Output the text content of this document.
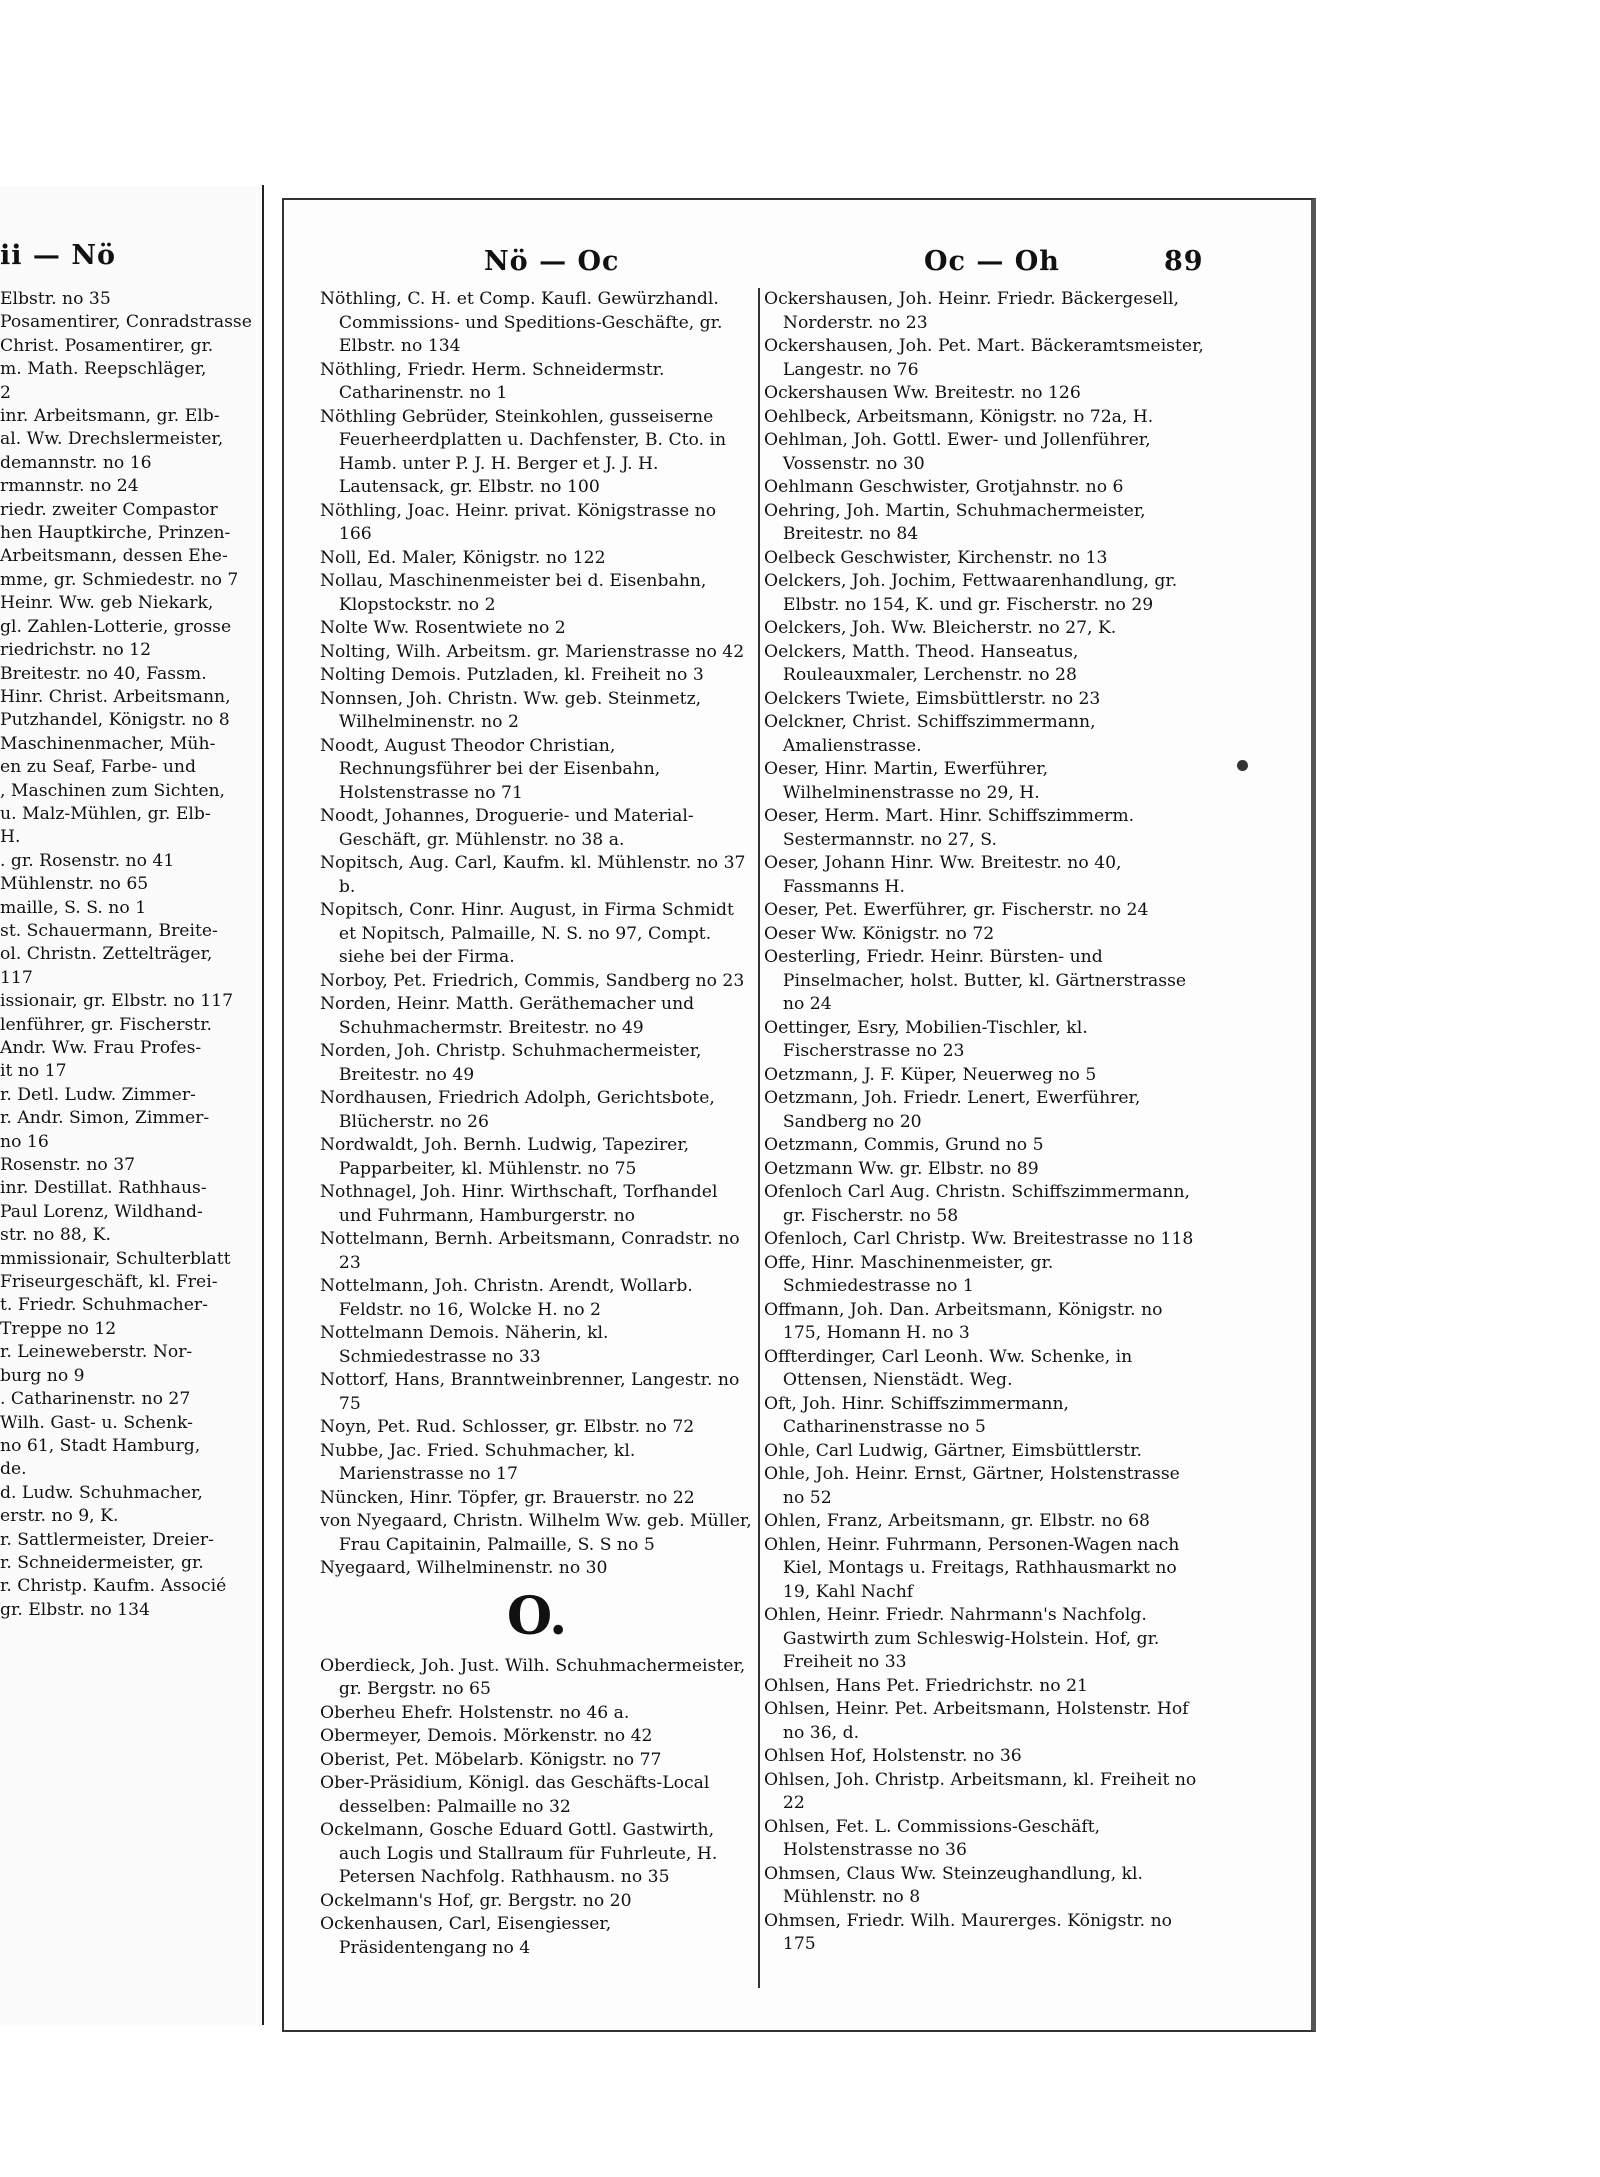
ii — Nö
Elbstr. no 35
Posamentirer, Conradstrasse
Christ. Posamentirer, gr.
m. Math. Reepschläger,
2
inr. Arbeitsmann, gr. Elb-
al. Ww. Drechslermeister,
demannstr. no 16
rmannstr. no 24
riedr. zweiter Compastor
hen Hauptkirche, Prinzen-
Arbeitsmann, dessen Ehe-
mme, gr. Schmiedestr. no 7
Heinr. Ww. geb Niekark,
gl. Zahlen-Lotterie, grosse
riedrichstr. no 12
Breitestr. no 40, Fassm.
Hinr. Christ. Arbeitsmann,
Putzhandel, Königstr. no 8
Maschinenmacher, Müh-
en zu Seaf, Farbe- und
, Maschinen zum Sichten,
u. Malz-Mühlen, gr. Elb-
H.
. gr. Rosenstr. no 41
Mühlenstr. no 65
maille, S. S. no 1
st. Schauermann, Breite-
ol. Christn. Zettelträger,
117
issionair, gr. Elbstr. no 117
lenführer, gr. Fischerstr.
Andr. Ww. Frau Profes-
it no 17
r. Detl. Ludw. Zimmer-
r. Andr. Simon, Zimmer-
no 16
Rosenstr. no 37
inr. Destillat. Rathhaus-
Paul Lorenz, Wildhand-
str. no 88, K.
mmissionair, Schulterblatt
Friseurgeschäft, kl. Frei-
t. Friedr. Schuhmacher-
Treppe no 12
r. Leineweberstr. Nor-
burg no 9
. Catharinenstr. no 27
Wilh. Gast- u. Schenk-
no 61, Stadt Hamburg,
de.
d. Ludw. Schuhmacher,
erstr. no 9, K.
r. Sattlermeister, Dreier-
r. Schneidermeister, gr.
r. Christp. Kaufm. Associé
gr. Elbstr. no 134
Nö — Oc	Oc — Oh	89
Nöthling, C. H. et Comp. Kaufl. Gewürzhandl. Commissions- und Speditions-Geschäfte, gr. Elbstr. no 134
Nöthling, Friedr. Herm. Schneidermstr. Catharinenstr. no 1
Nöthling Gebrüder, Steinkohlen, gusseiserne Feuerheerdplatten u. Dachfenster, B. Cto. in Hamb. unter P. J. H. Berger et J. J. H. Lautensack, gr. Elbstr. no 100
Nöthling, Joac. Heinr. privat. Königstrasse no 166
Noll, Ed. Maler, Königstr. no 122
Nollau, Maschinenmeister bei d. Eisenbahn, Klopstockstr. no 2
Nolte Ww. Rosentwiete no 2
Nolting, Wilh. Arbeitsm. gr. Marienstrasse no 42
Nolting Demois. Putzladen, kl. Freiheit no 3
Nonnsen, Joh. Christn. Ww. geb. Steinmetz, Wilhelminenstr. no 2
Noodt, August Theodor Christian, Rechnungsführer bei der Eisenbahn, Holstenstrasse no 71
Noodt, Johannes, Droguerie- und Material-Geschäft, gr. Mühlenstr. no 38 a.
Nopitsch, Aug. Carl, Kaufm. kl. Mühlenstr. no 37 b.
Nopitsch, Conr. Hinr. August, in Firma Schmidt et Nopitsch, Palmaille, N. S. no 97, Compt. siehe bei der Firma.
Norboy, Pet. Friedrich, Commis, Sandberg no 23
Norden, Heinr. Matth. Geräthemacher und Schuhmachermstr. Breitestr. no 49
Norden, Joh. Christp. Schuhmachermeister, Breitestr. no 49
Nordhausen, Friedrich Adolph, Gerichtsbote, Blücherstr. no 26
Nordwaldt, Joh. Bernh. Ludwig, Tapezirer, Papparbeiter, kl. Mühlenstr. no 75
Nothnagel, Joh. Hinr. Wirthschaft, Torfhandel und Fuhrmann, Hamburgerstr. no
Nottelmann, Bernh. Arbeitsmann, Conradstr. no 23
Nottelmann, Joh. Christn. Arendt, Wollarb. Feldstr. no 16, Wolcke H. no 2
Nottelmann Demois. Näherin, kl. Schmiedestrasse no 33
Nottorf, Hans, Branntweinbrenner, Langestr. no 75
Noyn, Pet. Rud. Schlosser, gr. Elbstr. no 72
Nubbe, Jac. Fried. Schuhmacher, kl. Marienstrasse no 17
Nüncken, Hinr. Töpfer, gr. Brauerstr. no 22
von Nyegaard, Christn. Wilhelm Ww. geb. Müller, Frau Capitainin, Palmaille, S. S no 5
Nyegaard, Wilhelminenstr. no 30
O.
Oberdieck, Joh. Just. Wilh. Schuhmachermeister, gr. Bergstr. no 65
Oberheu Ehefr. Holstenstr. no 46 a.
Obermeyer, Demois. Mörkenstr. no 42
Oberist, Pet. Möbelarb. Königstr. no 77
Ober-Präsidium, Königl. das Geschäfts-Local desselben: Palmaille no 32
Ockelmann, Gosche Eduard Gottl. Gastwirth, auch Logis und Stallraum für Fuhrleute, H. Petersen Nachfolg. Rathhausm. no 35
Ockelmann's Hof, gr. Bergstr. no 20
Ockenhausen, Carl, Eisengiesser, Präsidentengang no 4
Ockershausen, Joh. Heinr. Friedr. Bäckergesell, Norderstr. no 23
Ockershausen, Joh. Pet. Mart. Bäckeramtsmeister, Langestr. no 76
Ockershausen Ww. Breitestr. no 126
Oehlbeck, Arbeitsmann, Königstr. no 72a, H.
Oehlman, Joh. Gottl. Ewer- und Jollenführer, Vossenstr. no 30
Oehlmann Geschwister, Grotjahnstr. no 6
Oehring, Joh. Martin, Schuhmachermeister, Breitestr. no 84
Oelbeck Geschwister, Kirchenstr. no 13
Oelckers, Joh. Jochim, Fettwaarenhandlung, gr. Elbstr. no 154, K. und gr. Fischerstr. no 29
Oelckers, Joh. Ww. Bleicherstr. no 27, K.
Oelckers, Matth. Theod. Hanseatus, Rouleauxmaler, Lerchenstr. no 28
Oelckers Twiete, Eimsbüttlerstr. no 23
Oelckner, Christ. Schiffszimmermann, Amalienstrasse.
Oeser, Hinr. Martin, Ewerführer, Wilhelminenstrasse no 29, H.
Oeser, Herm. Mart. Hinr. Schiffszimmerm. Sestermannstr. no 27, S.
Oeser, Johann Hinr. Ww. Breitestr. no 40, Fassmanns H.
Oeser, Pet. Ewerführer, gr. Fischerstr. no 24
Oeser Ww. Königstr. no 72
Oesterling, Friedr. Heinr. Bürsten- und Pinselmacher, holst. Butter, kl. Gärtnerstrasse no 24
Oettinger, Esry, Mobilien-Tischler, kl. Fischerstrasse no 23
Oetzmann, J. F. Küper, Neuerweg no 5
Oetzmann, Joh. Friedr. Lenert, Ewerführer, Sandberg no 20
Oetzmann, Commis, Grund no 5
Oetzmann Ww. gr. Elbstr. no 89
Ofenloch Carl Aug. Christn. Schiffszimmermann, gr. Fischerstr. no 58
Ofenloch, Carl Christp. Ww. Breitestrasse no 118
Offe, Hinr. Maschinenmeister, gr. Schmiedestrasse no 1
Offmann, Joh. Dan. Arbeitsmann, Königstr. no 175, Homann H. no 3
Offterdinger, Carl Leonh. Ww. Schenke, in Ottensen, Nienstädt. Weg.
Oft, Joh. Hinr. Schiffszimmermann, Catharinenstrasse no 5
Ohle, Carl Ludwig, Gärtner, Eimsbüttlerstr.
Ohle, Joh. Heinr. Ernst, Gärtner, Holstenstrasse no 52
Ohlen, Franz, Arbeitsmann, gr. Elbstr. no 68
Ohlen, Heinr. Fuhrmann, Personen-Wagen nach Kiel, Montags u. Freitags, Rathhausmarkt no 19, Kahl Nachf
Ohlen, Heinr. Friedr. Nahrmann's Nachfolg. Gastwirth zum Schleswig-Holstein. Hof, gr. Freiheit no 33
Ohlsen, Hans Pet. Friedrichstr. no 21
Ohlsen, Heinr. Pet. Arbeitsmann, Holstenstr. Hof no 36, d.
Ohlsen Hof, Holstenstr. no 36
Ohlsen, Joh. Christp. Arbeitsmann, kl. Freiheit no 22
Ohlsen, Fet. L. Commissions-Geschäft, Holstenstrasse no 36
Ohmsen, Claus Ww. Steinzeughandlung, kl. Mühlenstr. no 8
Ohmsen, Friedr. Wilh. Maurerges. Königstr. no 175
